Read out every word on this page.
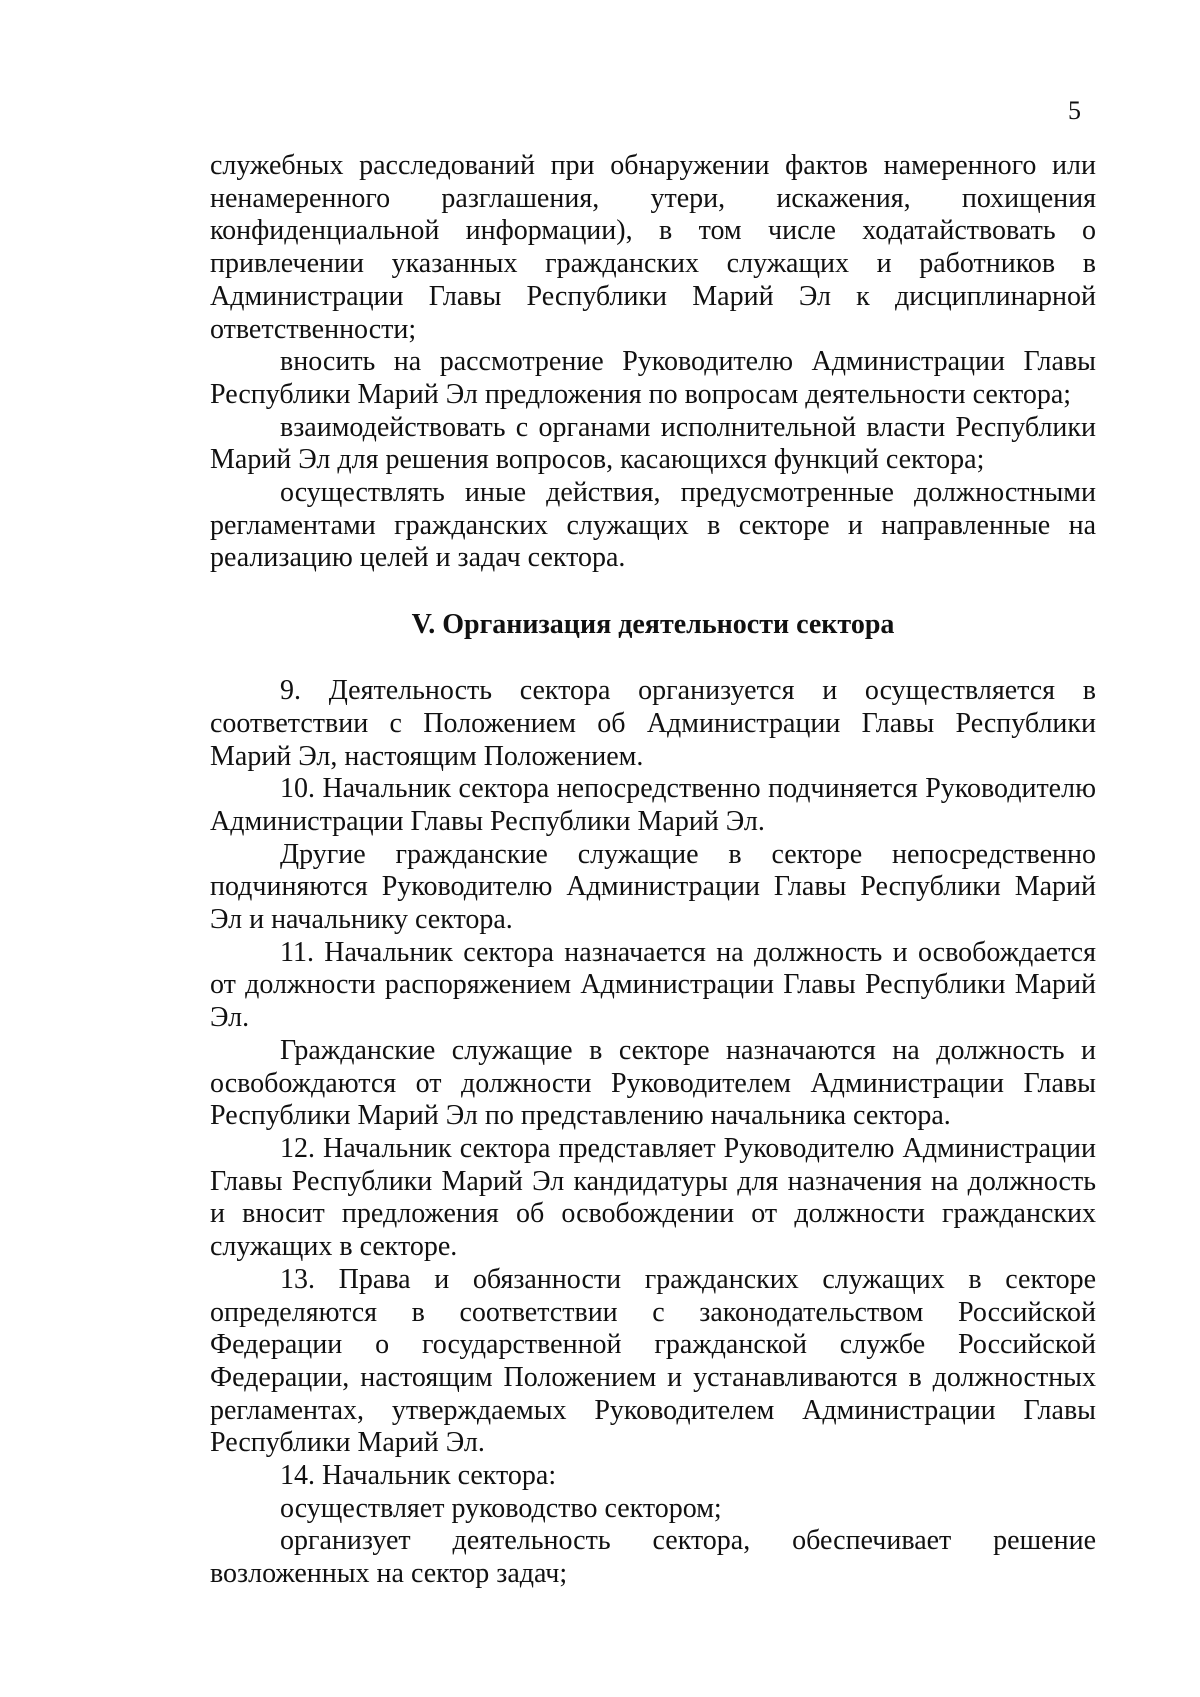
5

служебных расследований при обнаружении фактов намеренного или ненамеренного разглашения, утери, искажения, похищения конфиденциальной информации), в том числе ходатайствовать о привлечении указанных гражданских служащих и работников в Администрации Главы Республики Марий Эл к дисциплинарной ответственности;

вносить на рассмотрение Руководителю Администрации Главы Республики Марий Эл предложения по вопросам деятельности сектора;

взаимодействовать с органами исполнительной власти Республики Марий Эл для решения вопросов, касающихся функций сектора;

осуществлять иные действия, предусмотренные должностными регламентами гражданских служащих в секторе и направленные на реализацию целей и задач сектора.

V. Организация деятельности сектора

9. Деятельность сектора организуется и осуществляется в соответствии с Положением об Администрации Главы Республики Марий Эл, настоящим Положением.

10. Начальник сектора непосредственно подчиняется Руководителю Администрации Главы Республики Марий Эл.

Другие гражданские служащие в секторе непосредственно подчиняются Руководителю Администрации Главы Республики Марий Эл и начальнику сектора.

11. Начальник сектора назначается на должность и освобождается от должности распоряжением Администрации Главы Республики Марий Эл.

Гражданские служащие в секторе назначаются на должность и освобождаются от должности Руководителем Администрации Главы Республики Марий Эл по представлению начальника сектора.

12. Начальник сектора представляет Руководителю Администрации Главы Республики Марий Эл кандидатуры для назначения на должность и вносит предложения об освобождении от должности гражданских служащих в секторе.

13. Права и обязанности гражданских служащих в секторе определяются в соответствии с законодательством Российской Федерации о государственной гражданской службе Российской Федерации, настоящим Положением и устанавливаются в должностных регламентах, утверждаемых Руководителем Администрации Главы Республики Марий Эл.

14. Начальник сектора:

осуществляет руководство сектором;

организует деятельность сектора, обеспечивает решение возложенных на сектор задач;
